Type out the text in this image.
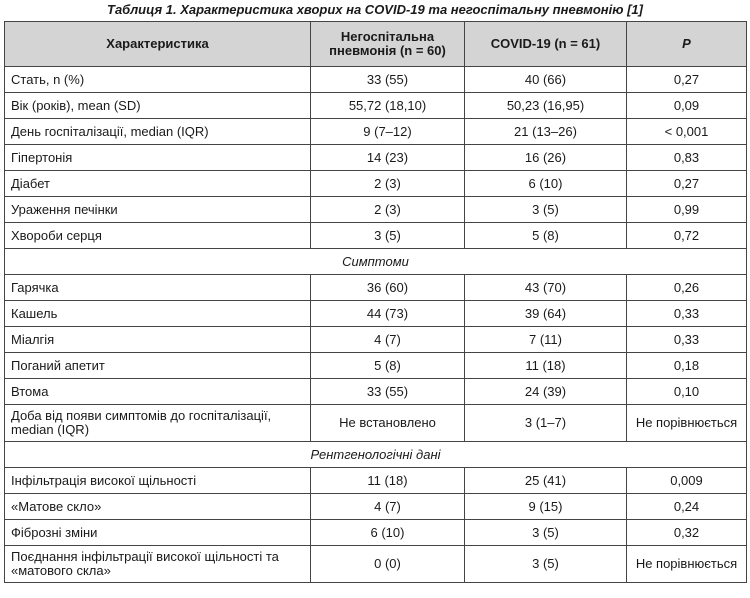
Таблиця 1. Характеристика хворих на COVID-19 та негоспітальну пневмонію [1]
Характеристика	Негоспітальна пневмонія (n = 60)	COVID-19 (n = 61)	P
Стать, n (%)	33 (55)	40 (66)	0,27
Вік (років), mean (SD)	55,72 (18,10)	50,23 (16,95)	0,09
День госпіталізації, median (IQR)	9 (7–12)	21 (13–26)	< 0,001
Гіпертонія	14 (23)	16 (26)	0,83
Діабет	2 (3)	6 (10)	0,27
Ураження печінки	2 (3)	3 (5)	0,99
Хвороби серця	3 (5)	5 (8)	0,72
Симптоми			
Гарячка	36 (60)	43 (70)	0,26
Кашель	44 (73)	39 (64)	0,33
Міалгія	4 (7)	7 (11)	0,33
Поганий апетит	5 (8)	11 (18)	0,18
Втома	33 (55)	24 (39)	0,10
Доба від появи симптомів до госпіталізації, median (IQR)	Не встановлено	3 (1–7)	Не порівнюється
Рентгенологічні дані			
Інфільтрація високої щільності	11 (18)	25 (41)	0,009
«Матове скло»	4 (7)	9 (15)	0,24
Фіброзні зміни	6 (10)	3 (5)	0,32
Поєднання інфільтрації високої щільності та «матового скла»	0 (0)	3 (5)	Не порівнюється
